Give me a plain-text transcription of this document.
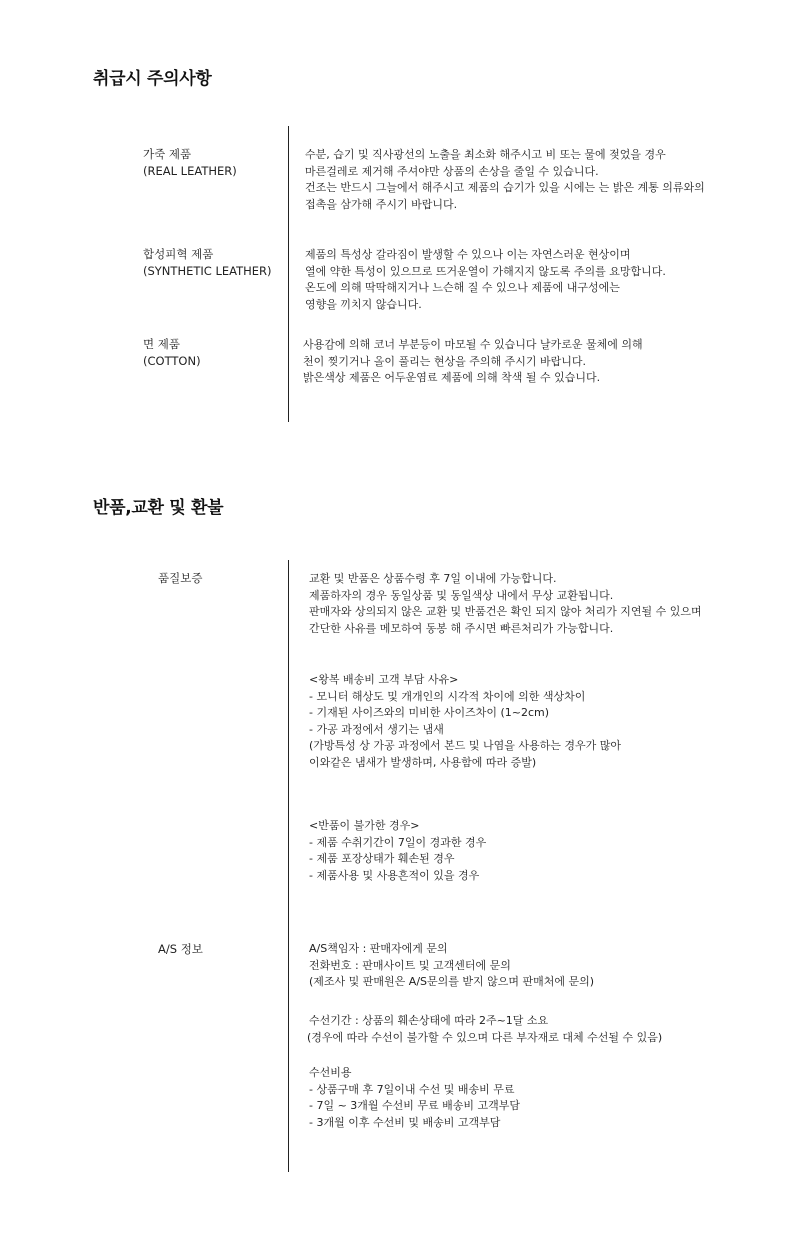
취급시 주의사항
가죽 제품
(REAL LEATHER)
수분, 습기 및 직사광선의 노출을 최소화 해주시고 비 또는 물에 젖었을 경우
마른걸레로 제거해 주셔야만 상품의 손상을 줄일 수 있습니다.
건조는 반드시 그늘에서 해주시고 제품의 습기가 있을 시에는 는 밝은 계통 의류와의
접촉을 삼가해 주시기 바랍니다.
합성피혁 제품
(SYNTHETIC LEATHER)
제품의 특성상 갈라짐이 발생할 수 있으나 이는 자연스러운 현상이며
열에 약한 특성이 있으므로 뜨거운열이 가해지지 않도록 주의를 요망합니다.
온도에 의해 딱딱해지거나 느슨해 질 수 있으나 제품에 내구성에는
영향을 끼치지 않습니다.
면 제품
(COTTON)
사용감에 의해 코너 부분등이 마모될 수 있습니다 날카로운 물체에 의해
천이 찢기거나 올이 풀리는 현상을 주의해 주시기 바랍니다.
밝은색상 제품은 어두운염료 제품에 의해 착색 될 수 있습니다.
반품,교환 및 환불
품질보증	교환 및 반품은 상품수령 후 7일 이내에 가능합니다.
제품하자의 경우 동일상품 및 동일색상 내에서 무상 교환됩니다.
판매자와 상의되지 않은 교환 및 반품건은 확인 되지 않아 처리가 지연될 수 있으며
간단한 사유를 메모하여 동봉 해 주시면 빠른처리가 가능합니다.
<왕복 배송비 고객 부담 사유>
- 모니터 해상도 및 개개인의 시각적 차이에 의한 색상차이
- 기재된 사이즈와의 미비한 사이즈차이 (1~2cm)
- 가공 과정에서 생기는 냄새
(가방특성 상 가공 과정에서 본드 및 나염을 사용하는 경우가 많아
이와같은 냄새가 발생하며, 사용함에 따라 증발)
<반품이 불가한 경우>
- 제품 수취기간이 7일이 경과한 경우
- 제품 포장상태가 훼손된 경우
- 제품사용 및 사용흔적이 있을 경우
A/S 정보	A/S책임자 : 판매자에게 문의
전화번호 : 판매사이트 및 고객센터에 문의
(제조사 및 판매원은 A/S문의를 받지 않으며 판매처에 문의)
수선기간 : 상품의 훼손상태에 따라 2주~1달 소요
(경우에 따라 수선이 불가할 수 있으며 다른 부자재로 대체 수선될 수 있음)
수선비용
- 상품구매 후 7일이내 수선 및 배송비 무료
- 7일 ~ 3개월 수선비 무료 배송비 고객부담
- 3개월 이후 수선비 및 배송비 고객부담
